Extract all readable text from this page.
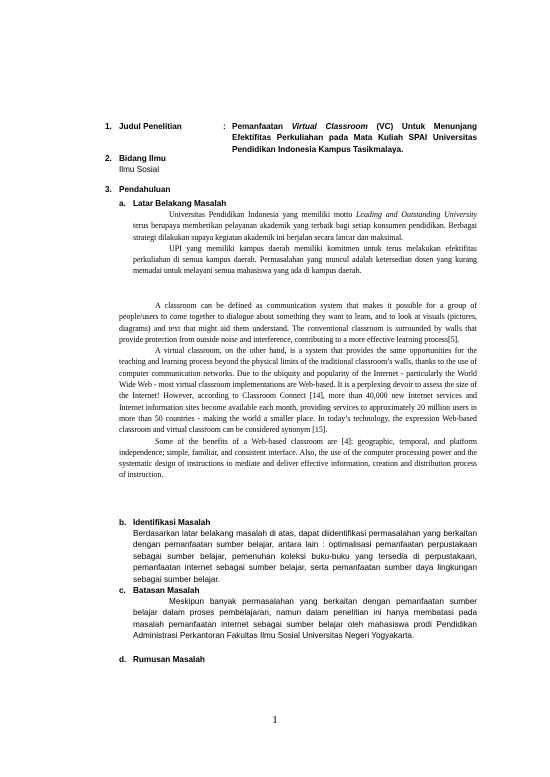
1. Judul Penelitian	: Pemanfaatan Virtual Classroom (VC) Untuk Menunjang Efektifitas Perkuliahan pada Mata Kuliah SPAI Universitas Pendidikan Indonesia Kampus Tasikmalaya.
2. Bidang Ilmu
Ilmu Sosial
3. Pendahuluan
a. Latar Belakang Masalah

Universitas Pendidikan Indonesia yang memiliki motto Leading and Outstanding University terus berupaya memberikan pelayanan akademik yang terbaik bagi setiap konsumen pendidikan. Berbagai strategi dilakukan supaya kegiatan akademik ini berjalan secara lancar dan maksimal.

UPI yang memiliki kampus daerah memiliki komitmen untuk terus melakukan efektifitas perkuliahan di semua kampus daerah. Permasalahan yang muncul adalah ketersedian dosen yang kurang memadai untuk melayani semua mahasiswa yang ada di kampus daerah.

A classroom can be defined as communication system that makes it possible for a group of people/users to come together to dialogue about something they want to learn, and to look at visuals (pictures, diagrams) and text that might aid them understand. The conventional classroom is surrounded by walls that provide protection from outside noise and interference, contributing to a more effective learning process[5].

A virtual classroom, on the other hand, is a system that provides the same opportunities for the teaching and learning process beyond the physical limits of the traditional classroom’s walls, thanks to the use of computer communication networks. Due to the ubiquity and popularity of the Internet - particularly the World Wide Web - most virtual classroom implementations are Web-based. It is a perplexing devoir to assess the size of the Internet! However, according to Classroom Connect [14], more than 40,000 new Internet services and Internet information sites become available each month, providing services to approximately 20 million users in more than 50 countries - making the world a smaller place. In today’s technology, the expression Web-based classroom and virtual classroom can be considered synonym [15].

Some of the benefits of a Web-based classroom are [4]: geographic, temporal, and platform independence; simple, familiar, and consistent interface. Also, the use of the computer processing power and the systematic design of instructions to mediate and deliver effective information, creation and distribution process of instruction.

b. Identifikasi Masalah
Berdasarkan latar belakang masalah di atas, dapat diidentifikasi permasalahan yang berkaitan dengan pemanfaatan sumber belajar, antara lain : optimalisasi pemanfaatan perpustakaan sebagai sumber belajar, pemenuhan koleksi buku-buku yang tersedia di perpustakaan, pemanfaatan internet sebagai sumber belajar, serta pemanfaatan sumber daya lingkungan sebagai sumber belajar.
c. Batasan Masalah
Meskipun banyak permasalahan yang berkaitan dengan pemanfaatan sumber belajar dalam proses pembelajaran, namun dalam penelitian ini hanya membatasi pada masalah pemanfaatan internet sebagai sumber belajar oleh mahasiswa prodi Pendidikan Administrasi Perkantoran Fakultas Ilmu Sosial Universitas Negeri Yogyakarta.
d. Rumusan Masalah
1
